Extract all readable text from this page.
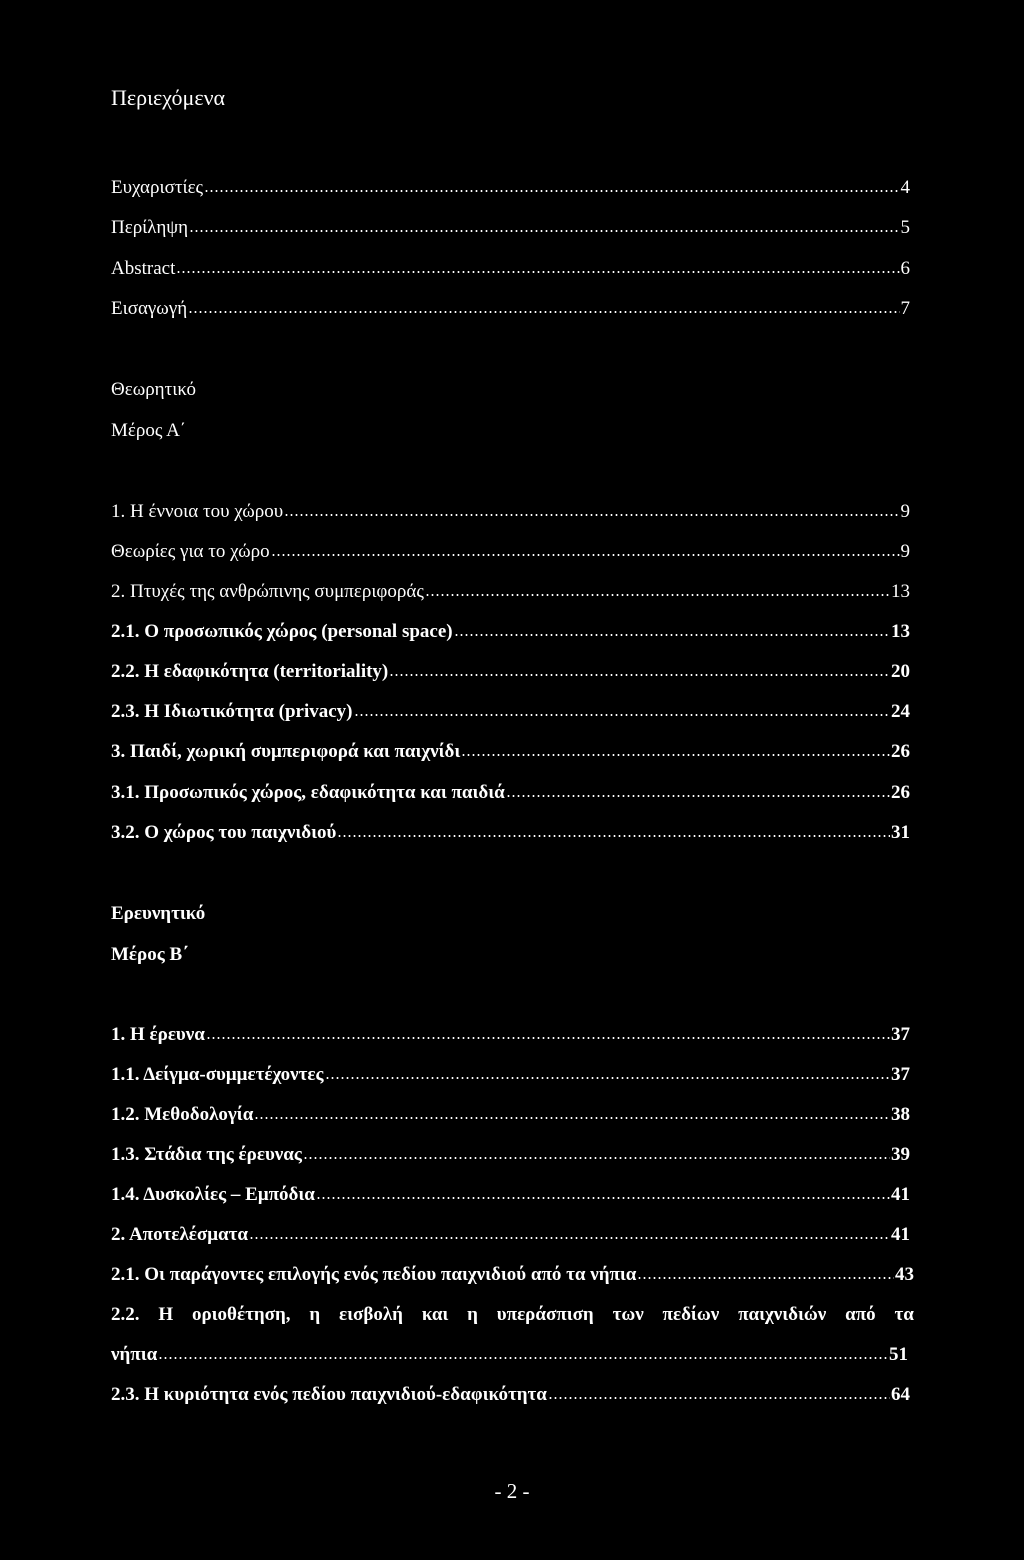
Περιεχόμενα
Ευχαριστίες	4
Περίληψη	5
Abstract	6
Εισαγωγή	7
Θεωρητικό
Μέρος Α΄
1. Η έννοια του χώρου	9
Θεωρίες για το χώρο	9
2. Πτυχές της ανθρώπινης συμπεριφοράς	13
2.1. Ο προσωπικός χώρος (personal space)	13
2.2. Η εδαφικότητα (territoriality)	20
2.3. Η Ιδιωτικότητα (privacy)	24
3. Παιδί, χωρική συμπεριφορά και παιχνίδι	26
3.1. Προσωπικός χώρος, εδαφικότητα και παιδιά	26
3.2. Ο χώρος του παιχνιδιού	31
Ερευνητικό
Μέρος Β΄
1. Η έρευνα	37
1.1. Δείγμα-συμμετέχοντες	37
1.2. Μεθοδολογία	38
1.3. Στάδια της έρευνας	39
1.4. Δυσκολίες – Εμπόδια	41
2. Αποτελέσματα	41
2.1. Οι παράγοντες επιλογής ενός πεδίου παιχνιδιού από τα νήπια	43
2.2. Η οριοθέτηση, η εισβολή και η υπεράσπιση των πεδίων παιχνιδιών από τα
νήπια	51
2.3. Η κυριότητα ενός πεδίου παιχνιδιού-εδαφικότητα	64
- 2 -
